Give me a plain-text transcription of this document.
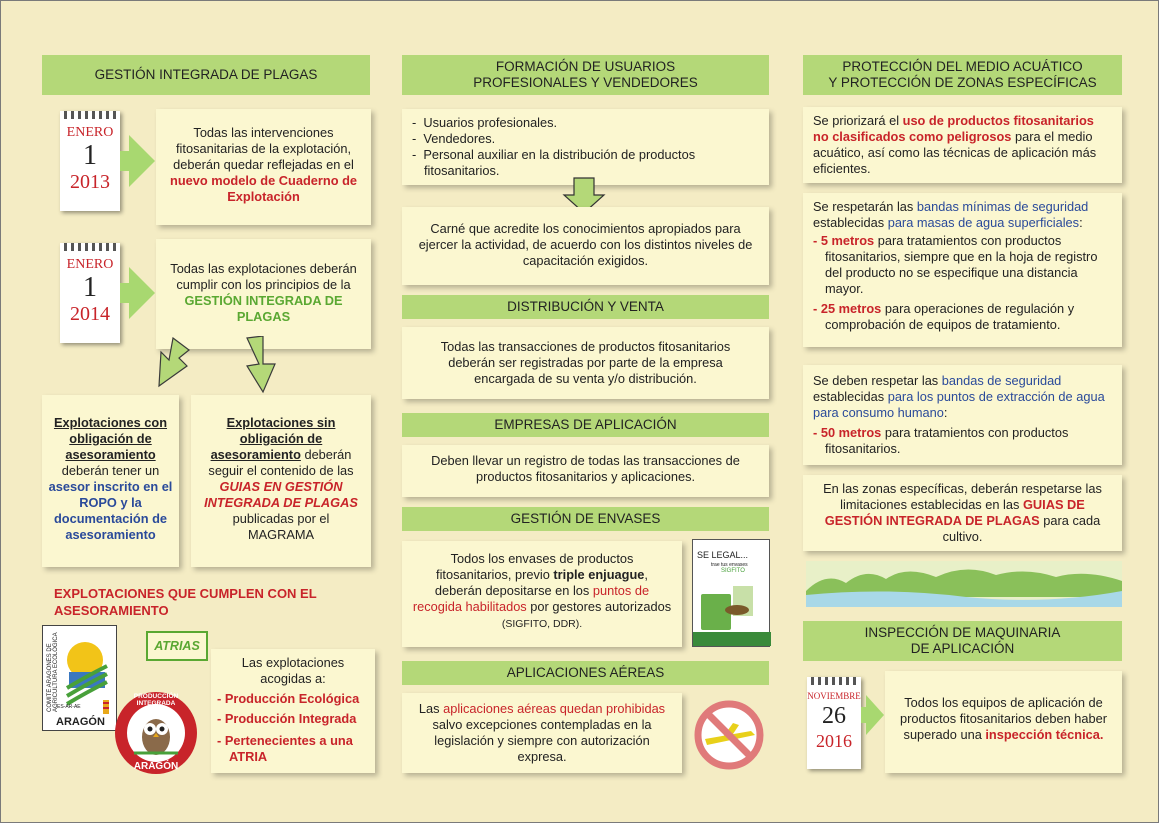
GESTIÓN INTEGRADA DE PLAGAS
ENERO
1
2013
Todas las intervenciones fitosanitarias de la explotación, deberán quedar reflejadas en el nuevo modelo de Cuaderno de Explotación
ENERO
1
2014
Todas las explotaciones deberán cumplir con los principios de la GESTIÓN INTEGRADA DE PLAGAS
Explotaciones con obligación de asesoramiento deberán tener un asesor inscrito en el ROPO y la documentación de asesoramiento
Explotaciones sin obligación de asesoramiento deberán seguir el contenido de las GUIAS EN GESTIÓN INTEGRADA DE PLAGAS publicadas por el MAGRAMA
EXPLOTACIONES QUE CUMPLEN CON EL ASESORAMIENTO
COMITÉ ARAGONÉS DE AGRICULTURA ECOLÓGICA
ES-AR-AE
ARAGÓN
PRODUCCIÓN INTEGRADA
ARAGÓN
ATRIAS
Las explotaciones acogidas a:
- Producción Ecológica
- Producción Integrada
- Pertenecientes a una ATRIA
FORMACIÓN DE USUARIOS
PROFESIONALES Y VENDEDORES
-  Usuarios profesionales.
-  Vendedores.
-  Personal auxiliar en la distribución de productos fitosanitarios.
Carné que acredite los conocimientos apropiados para ejercer la actividad, de acuerdo con los distintos niveles de capacitación exigidos.
DISTRIBUCIÓN Y VENTA
Todas las transacciones de productos fitosanitarios deberán ser registradas por parte de la empresa encargada de su venta y/o distribución.
EMPRESAS DE APLICACIÓN
Deben llevar un registro de todas las transacciones de productos fitosanitarios y aplicaciones.
GESTIÓN DE ENVASES
Todos los envases de productos fitosanitarios, previo triple enjuague, deberán depositarse en los puntos de recogida habilitados por gestores autorizados (SIGFITO, DDR).
SE LEGAL...
trae tus envases
SIGFITO
APLICACIONES AÉREAS
Las aplicaciones aéreas quedan prohibidas salvo excepciones contempladas en la legislación y siempre con autorización expresa.
PROTECCIÓN DEL MEDIO ACUÁTICO
Y PROTECCIÓN DE ZONAS ESPECÍFICAS
Se priorizará el uso de productos fitosanitarios no clasificados como peligrosos para el medio acuático, así como las técnicas de aplicación más eficientes.
Se respetarán las bandas mínimas de seguridad establecidas para masas de agua superficiales:
- 5 metros para tratamientos con productos fitosanitarios, siempre que en la hoja de registro del producto no se especifique una distancia mayor.
- 25 metros para operaciones de regulación y comprobación de equipos de tratamiento.
Se deben respetar las bandas de seguridad establecidas para los puntos de extracción de agua para consumo humano:
- 50 metros para tratamientos con productos fitosanitarios.
En las zonas específicas, deberán respetarse las limitaciones establecidas en las GUIAS DE GESTIÓN INTEGRADA DE PLAGAS para cada cultivo.
INSPECCIÓN DE MAQUINARIA
DE APLICACIÓN
NOVIEMBRE
26
2016
Todos los equipos de aplicación de productos fitosanitarios deben haber superado una inspección técnica.
